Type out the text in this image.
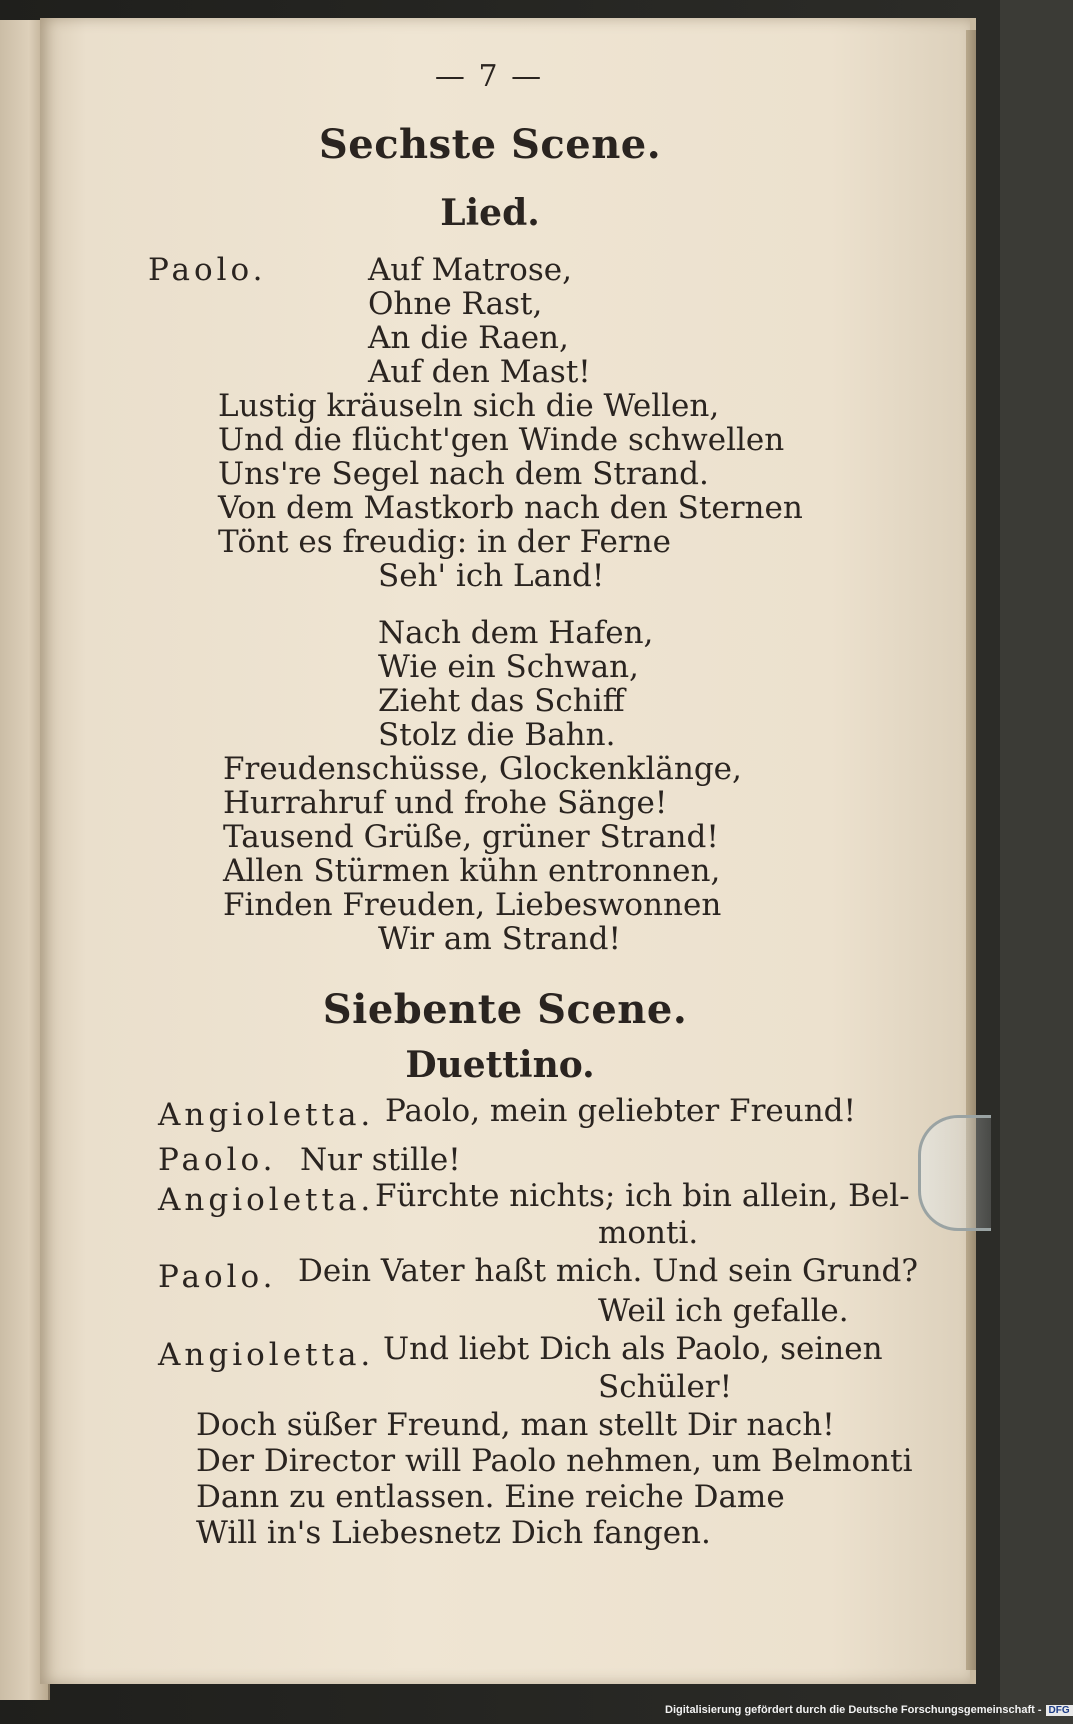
— 7 —
Sechste Scene.
Lied.
Paolo.	Auf Matrose,
Ohne Rast,
An die Raen,
Auf den Mast!
Lustig kräuseln sich die Wellen,
Und die flücht'gen Winde schwellen
Uns're Segel nach dem Strand.
Von dem Mastkorb nach den Sternen
Tönt es freudig: in der Ferne
Seh' ich Land!
Nach dem Hafen,
Wie ein Schwan,
Zieht das Schiff
Stolz die Bahn.
Freudenschüsse, Glockenklänge,
Hurrahruf und frohe Sänge!
Tausend Grüße, grüner Strand!
Allen Stürmen kühn entronnen,
Finden Freuden, Liebeswonnen
Wir am Strand!
Siebente Scene.
Duettino.
Angioletta. Paolo, mein geliebter Freund!
Paolo. Nur stille!
Angioletta. Fürchte nichts; ich bin allein, Bel-
monti.
Paolo. Dein Vater haßt mich. Und sein Grund?
Weil ich gefalle.
Angioletta. Und liebt Dich als Paolo, seinen
Schüler!
Doch süßer Freund, man stellt Dir nach!
Der Director will Paolo nehmen, um Belmonti
Dann zu entlassen. Eine reiche Dame
Will in's Liebesnetz Dich fangen.
Digitalisierung gefördert durch die Deutsche Forschungsgemeinschaft - DFG
